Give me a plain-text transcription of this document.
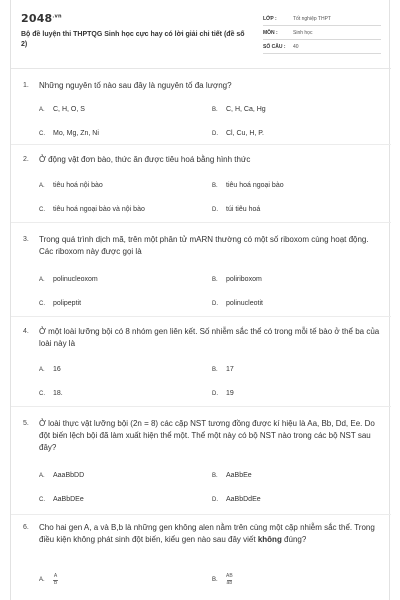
$2048^{.vn}$
Bộ đề luyện thi THPTQG Sinh học cực hay có lời giải chi tiết (đề số 2)
LỚP :	Tốt nghiệp THPT
MÔN :	Sinh học
SỐ CÂU :	40
1. Những nguyên tố nào sau đây là nguyên tố đa lượng?
A.	C, H, O, S	B.	C, H, Ca, Hg
C.	Mo, Mg, Zn, Ni	D.	Cl, Cu, H, P.
2. Ở động vật đơn bào, thức ăn được tiêu hoá bằng hình thức
A.	tiêu hoá nội bào	B.	tiêu hoá ngoại bào
C.	tiêu hoá ngoại bào và nội bào	D.	túi tiêu hoá
3. Trong quá trình dịch mã, trên một phân tử mARN thường có một số riboxom cùng hoạt động. Các riboxom này được gọi là
A.	polinucleoxom	B.	poliriboxom
C.	polipeptit	D.	polinucleotit
4. Ở một loài lưỡng bội có 8 nhóm gen liên kết. Số nhiễm sắc thể có trong mỗi tế bào ở thể ba của loài này là
A.	16	B.	17
C.	18.	D.	19
5. Ở loài thực vật lưỡng bội (2n = 8) các cặp NST tương đồng được kí hiệu là Aa, Bb, Dd, Ee. Do đột biến lệch bội đã làm xuất hiện thể một. Thể một này có bộ NST nào trong các bộ NST sau đây?
A.	AaaBbDD	B.	AaBbEe
C.	AaBbDEe	D.	AaBbDdEe
6. Cho hai gen A, a và B,b là những gen không alen nằm trên cùng một cặp nhiễm sắc thể. Trong điều kiện không phát sinh đột biến, kiểu gen nào sau đây viết không đúng?
A.	$\frac{A}{B}$	B.	$\frac{AB}{ab}$
